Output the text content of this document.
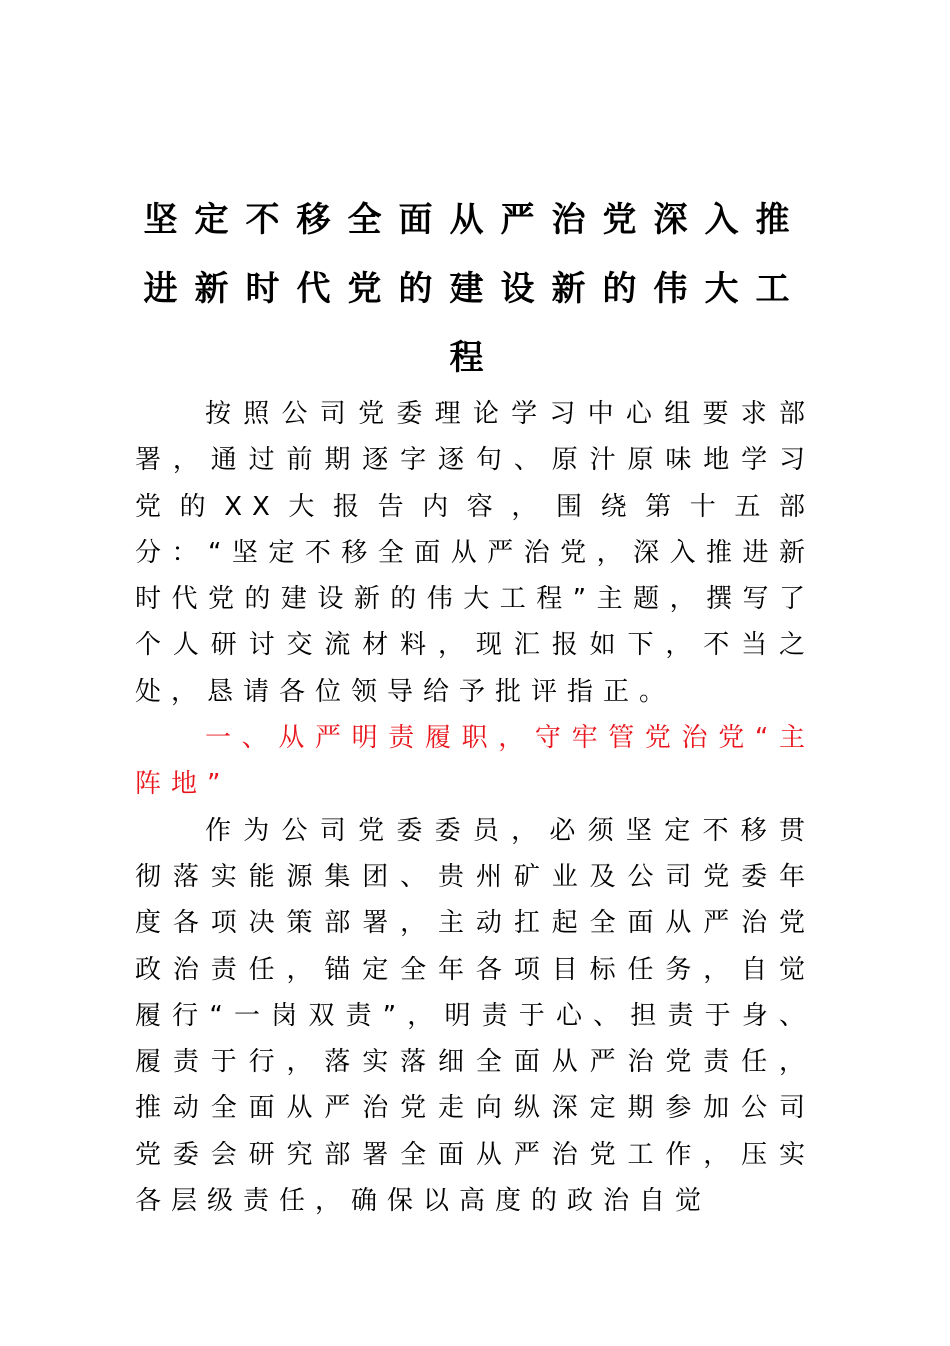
坚定不移全面从严治党深入推进新时代党的建设新的伟大工程

按照公司党委理论学习中心组要求部署，通过前期逐字逐句、原汁原味地学习党的XX大报告内容，围绕第十五部分：“坚定不移全面从严治党，深入推进新时代党的建设新的伟大工程”主题，撰写了个人研讨交流材料，现汇报如下，不当之处，恳请各位领导给予批评指正。

一、从严明责履职，守牢管党治党“主阵地”

作为公司党委委员，必须坚定不移贯彻落实能源集团、贵州矿业及公司党委年度各项决策部署，主动扛起全面从严治党政治责任，锚定全年各项目标任务，自觉履行“一岗双责”，明责于心、担责于身、履责于行，落实落细全面从严治党责任，推动全面从严治党走向纵深定期参加公司党委会研究部署全面从严治党工作，压实各层级责任，确保以高度的政治自觉
